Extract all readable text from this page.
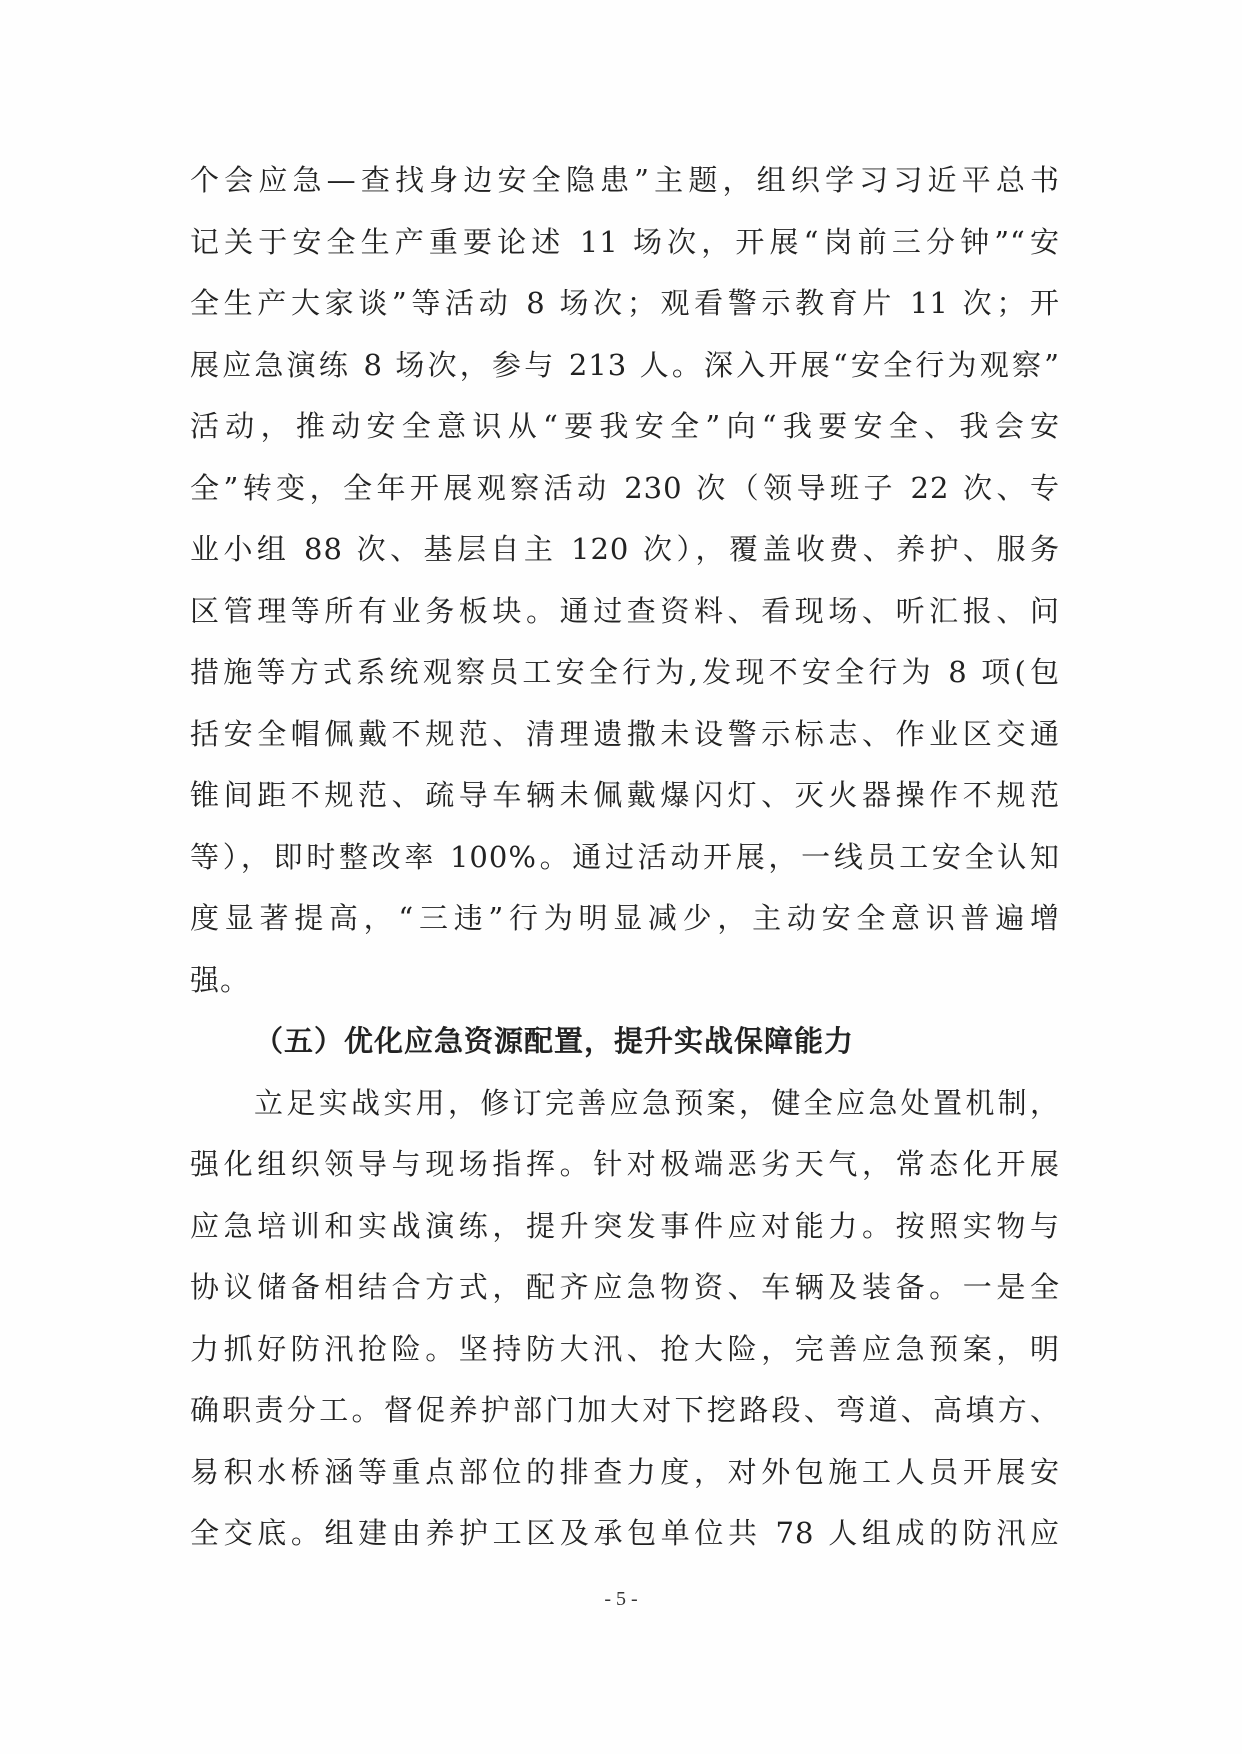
个会应急—查找身边安全隐患”主题，组织学习习近平总书
记关于安全生产重要论述 11 场次，开展“岗前三分钟”“安
全生产大家谈”等活动 8 场次；观看警示教育片 11 次；开
展应急演练 8 场次，参与 213 人。深入开展“安全行为观察”
活动，推动安全意识从“要我安全”向“我要安全、我会安
全”转变，全年开展观察活动 230 次（领导班子 22 次、专
业小组 88 次、基层自主 120 次），覆盖收费、养护、服务
区管理等所有业务板块。通过查资料、看现场、听汇报、问
措施等方式系统观察员工安全行为,发现不安全行为 8 项(包
括安全帽佩戴不规范、清理遗撒未设警示标志、作业区交通
锥间距不规范、疏导车辆未佩戴爆闪灯、灭火器操作不规范
等），即时整改率 100%。通过活动开展，一线员工安全认知
度显著提高，“三违”行为明显减少，主动安全意识普遍增
强。
（五）优化应急资源配置，提升实战保障能力
立足实战实用，修订完善应急预案，健全应急处置机制，
强化组织领导与现场指挥。针对极端恶劣天气，常态化开展
应急培训和实战演练，提升突发事件应对能力。按照实物与
协议储备相结合方式，配齐应急物资、车辆及装备。一是全
力抓好防汛抢险。坚持防大汛、抢大险，完善应急预案，明
确职责分工。督促养护部门加大对下挖路段、弯道、高填方、
易积水桥涵等重点部位的排查力度，对外包施工人员开展安
全交底。组建由养护工区及承包单位共 78 人组成的防汛应
- 5 -
